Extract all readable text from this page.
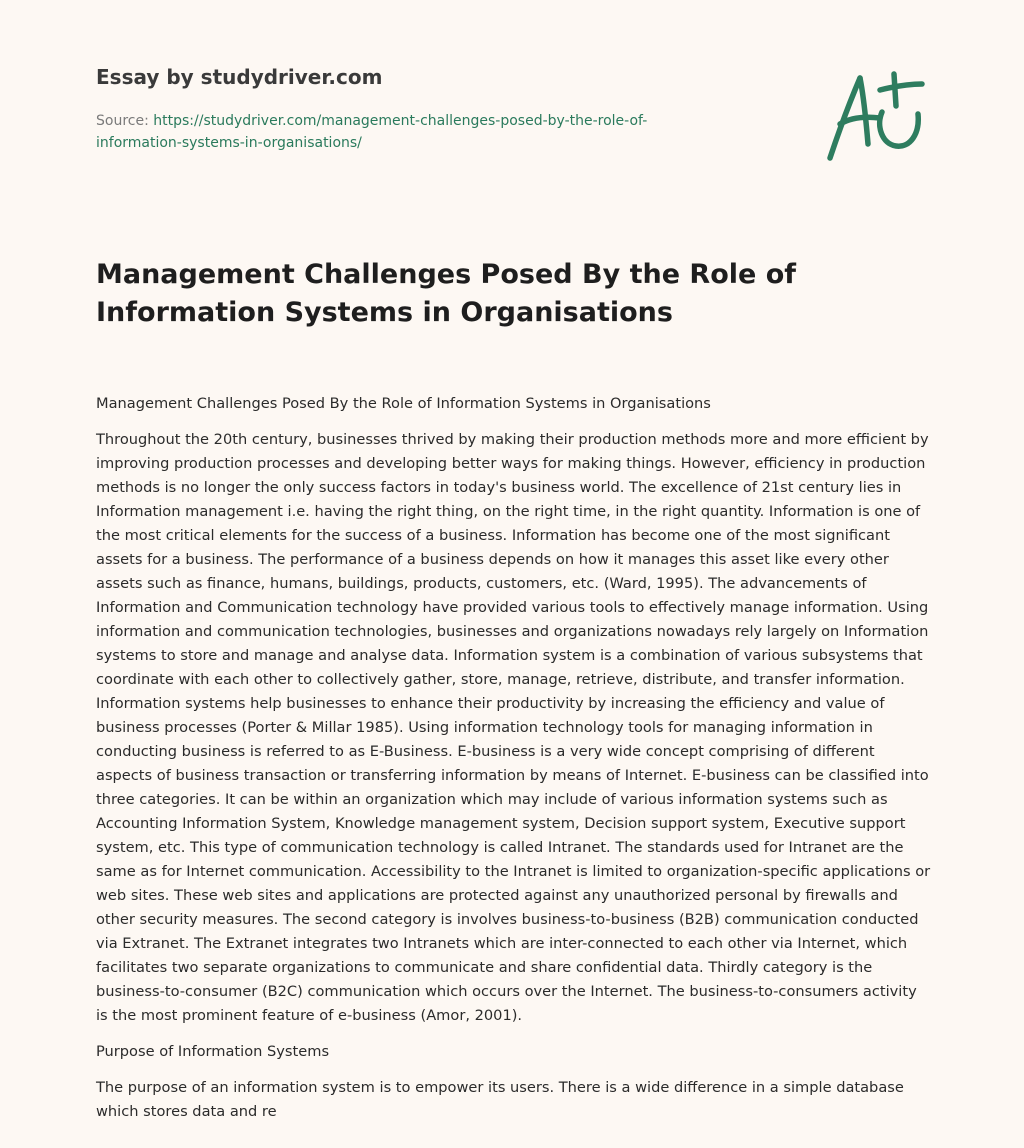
Essay by studydriver.com
Source: https://studydriver.com/management-challenges-posed-by-the-role-of-
information-systems-in-organisations/
Management Challenges Posed By the Role of Information Systems in Organisations

Management Challenges Posed By the Role of Information Systems in Organisations

Throughout the 20th century, businesses thrived by making their production methods more and more efficient by improving production processes and developing better ways for making things. However, efficiency in production methods is no longer the only success factors in today's business world. The excellence of 21st century lies in Information management i.e. having the right thing, on the right time, in the right quantity. Information is one of the most critical elements for the success of a business. Information has become one of the most significant assets for a business. The performance of a business depends on how it manages this asset like every other assets such as finance, humans, buildings, products, customers, etc. (Ward, 1995). The advancements of Information and Communication technology have provided various tools to effectively manage information. Using information and communication technologies, businesses and organizations nowadays rely largely on Information systems to store and manage and analyse data. Information system is a combination of various subsystems that coordinate with each other to collectively gather, store, manage, retrieve, distribute, and transfer information. Information systems help businesses to enhance their productivity by increasing the efficiency and value of business processes (Porter & Millar 1985). Using information technology tools for managing information in conducting business is referred to as E-Business. E-business is a very wide concept comprising of different aspects of business transaction or transferring information by means of Internet. E-business can be classified into three categories. It can be within an organization which may include of various information systems such as Accounting Information System, Knowledge management system, Decision support system, Executive support system, etc. This type of communication technology is called Intranet. The standards used for Intranet are the same as for Internet communication. Accessibility to the Intranet is limited to organization-specific applications or web sites. These web sites and applications are protected against any unauthorized personal by firewalls and other security measures. The second category is involves business-to-business (B2B) communication conducted via Extranet. The Extranet integrates two Intranets which are inter-connected to each other via Internet, which facilitates two separate organizations to communicate and share confidential data. Thirdly category is the business-to-consumer (B2C) communication which occurs over the Internet. The business-to-consumers activity is the most prominent feature of e-business (Amor, 2001).

Purpose of Information Systems

The purpose of an information system is to empower its users. There is a wide difference in a simple database which stores data and re
